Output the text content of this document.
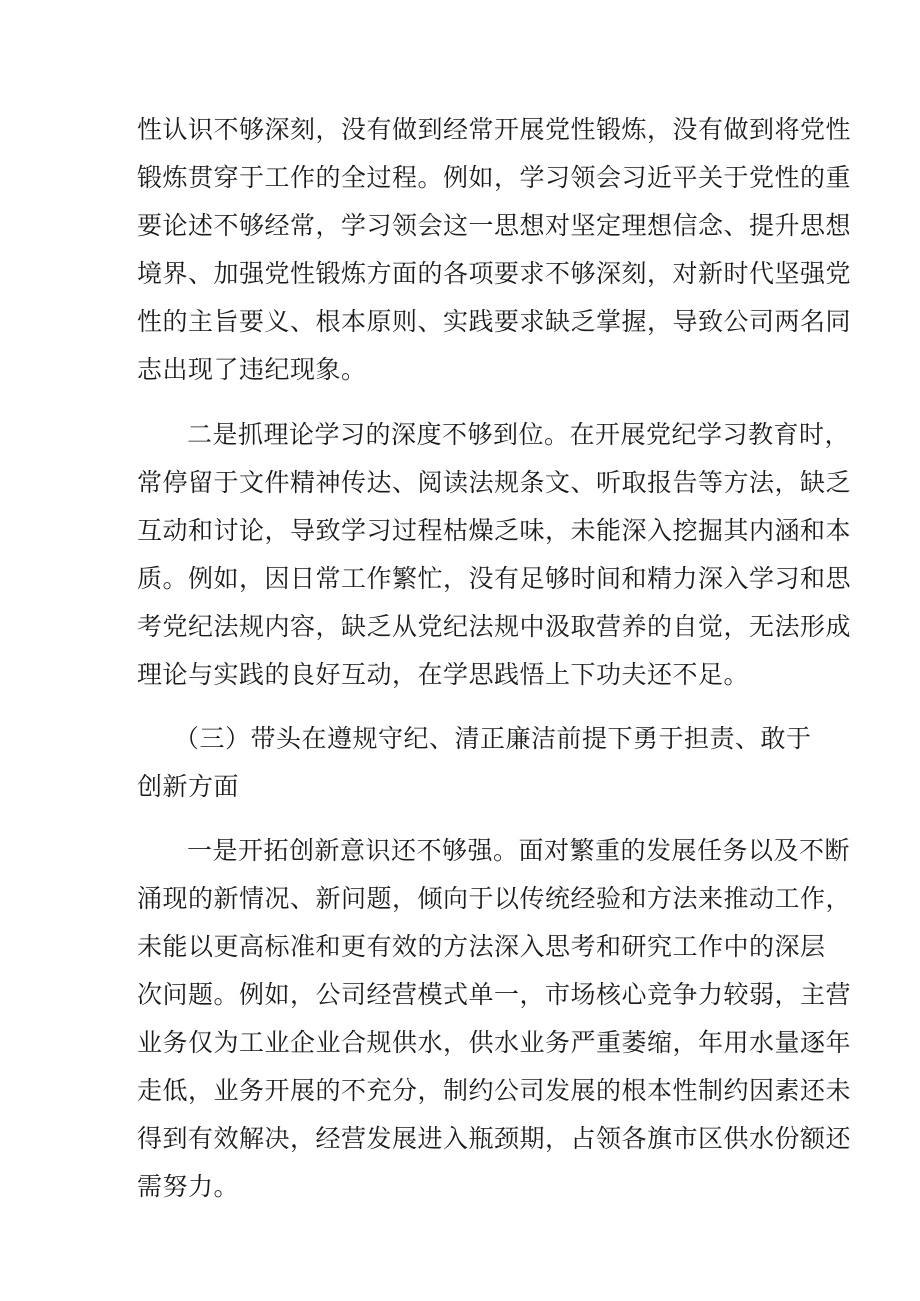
性认识不够深刻，没有做到经常开展党性锻炼，没有做到将党性
锻炼贯穿于工作的全过程。例如，学习领会习近平关于党性的重
要论述不够经常，学习领会这一思想对坚定理想信念、提升思想
境界、加强党性锻炼方面的各项要求不够深刻，对新时代坚强党
性的主旨要义、根本原则、实践要求缺乏掌握，导致公司两名同
志出现了违纪现象。
二是抓理论学习的深度不够到位。在开展党纪学习教育时，
常停留于文件精神传达、阅读法规条文、听取报告等方法，缺乏
互动和讨论，导致学习过程枯燥乏味，未能深入挖掘其内涵和本
质。例如，因日常工作繁忙，没有足够时间和精力深入学习和思
考党纪法规内容，缺乏从党纪法规中汲取营养的自觉，无法形成
理论与实践的良好互动，在学思践悟上下功夫还不足。
（三）带头在遵规守纪、清正廉洁前提下勇于担责、敢于
创新方面
一是开拓创新意识还不够强。面对繁重的发展任务以及不断
涌现的新情况、新问题，倾向于以传统经验和方法来推动工作，
未能以更高标准和更有效的方法深入思考和研究工作中的深层
次问题。例如，公司经营模式单一，市场核心竞争力较弱，主营
业务仅为工业企业合规供水，供水业务严重萎缩，年用水量逐年
走低，业务开展的不充分，制约公司发展的根本性制约因素还未
得到有效解决，经营发展进入瓶颈期，占领各旗市区供水份额还
需努力。
